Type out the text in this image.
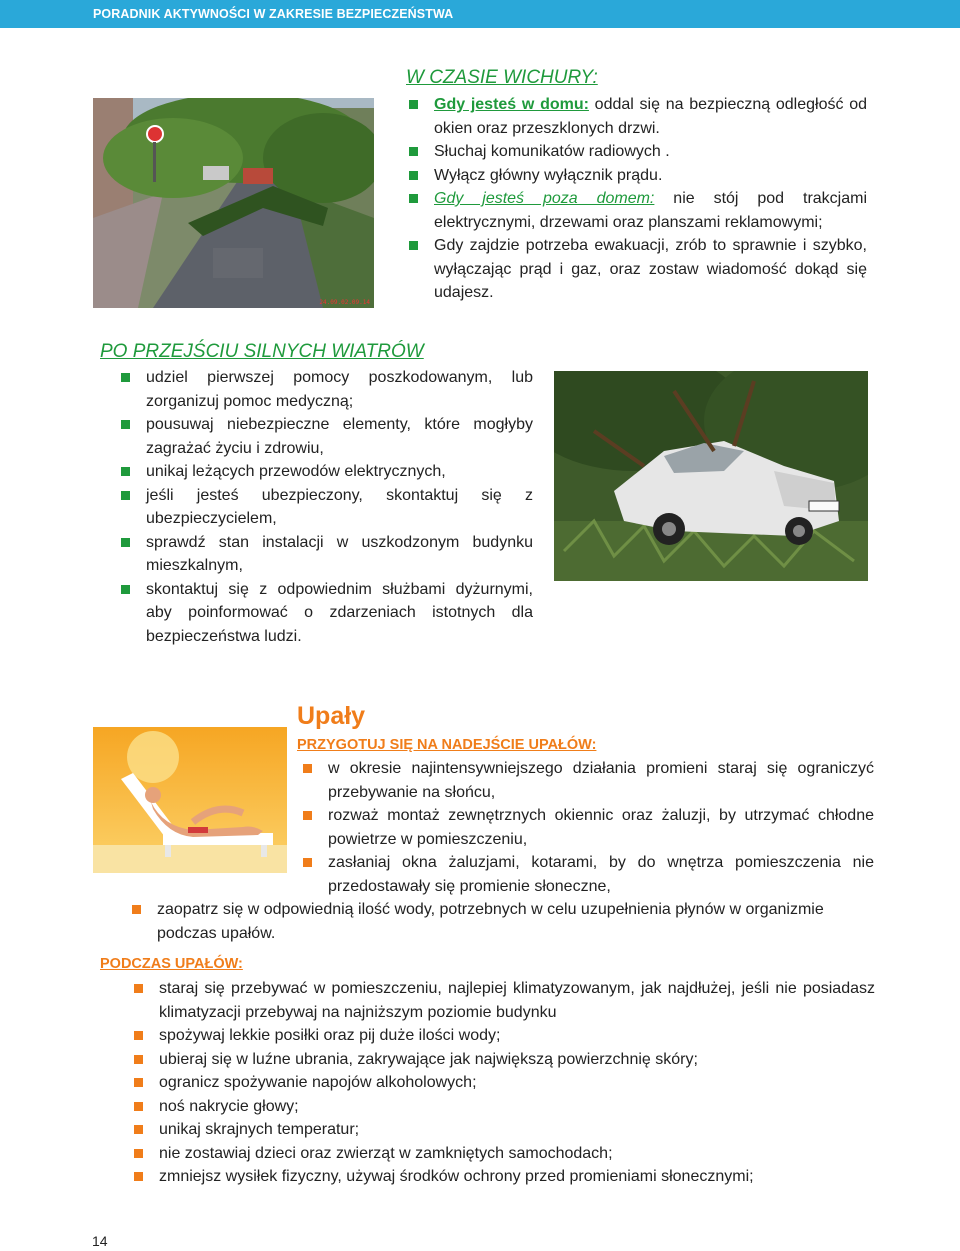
PORADNIK AKTYWNOŚCI W ZAKRESIE BEZPIECZEŃSTWA
24.09.02.09.14
W CZASIE WICHURY:
Gdy jesteś w domu: oddal się na bezpieczną odległość od okien oraz przeszklonych drzwi.
Słuchaj komunikatów radiowych .
Wyłącz główny wyłącznik prądu.
Gdy jesteś poza domem: nie stój pod trakcjami elektrycznymi, drzewami oraz planszami reklamowymi;
Gdy zajdzie potrzeba ewakuacji, zrób to sprawnie i szybko, wyłączając prąd i gaz, oraz zostaw wiadomość dokąd się udajesz.
PO PRZEJŚCIU SILNYCH WIATRÓW
udziel pierwszej pomocy poszkodowanym, lub zorganizuj pomoc medyczną;
pousuwaj niebezpieczne elementy, które mogłyby zagrażać życiu i zdrowiu,
unikaj leżących przewodów elektrycznych,
jeśli jesteś ubezpieczony, skontaktuj się z ubezpieczycielem,
sprawdź stan instalacji w uszkodzonym budynku mieszkalnym,
skontaktuj się z odpowiednim służbami dyżurnymi, aby poinformować o zdarzeniach istotnych dla bezpieczeństwa ludzi.
Upały
PRZYGOTUJ SIĘ NA NADEJŚCIE UPAŁÓW:
w okresie najintensywniejszego działania promieni staraj się ograniczyć przebywanie na słońcu,
rozważ montaż zewnętrznych okiennic oraz żaluzji, by utrzymać chłodne powietrze w pomieszczeniu,
zasłaniaj okna żaluzjami, kotarami, by do wnętrza pomieszczenia nie przedostawały się promienie słoneczne,
zaopatrz się w odpowiednią ilość wody, potrzebnych w celu uzupełnienia płynów w organizmie podczas upałów.
PODCZAS UPAŁÓW:
staraj się przebywać w pomieszczeniu, najlepiej klimatyzowanym, jak najdłużej, jeśli nie posiadasz klimatyzacji przebywaj na najniższym poziomie budynku
spożywaj lekkie posiłki oraz pij duże ilości wody;
ubieraj się w luźne ubrania, zakrywające jak największą powierzchnię skóry;
ogranicz spożywanie napojów alkoholowych;
noś nakrycie głowy;
unikaj skrajnych temperatur;
nie zostawiaj dzieci oraz zwierząt w zamkniętych samochodach;
zmniejsz wysiłek fizyczny, używaj środków ochrony przed promieniami słonecznymi;
14
